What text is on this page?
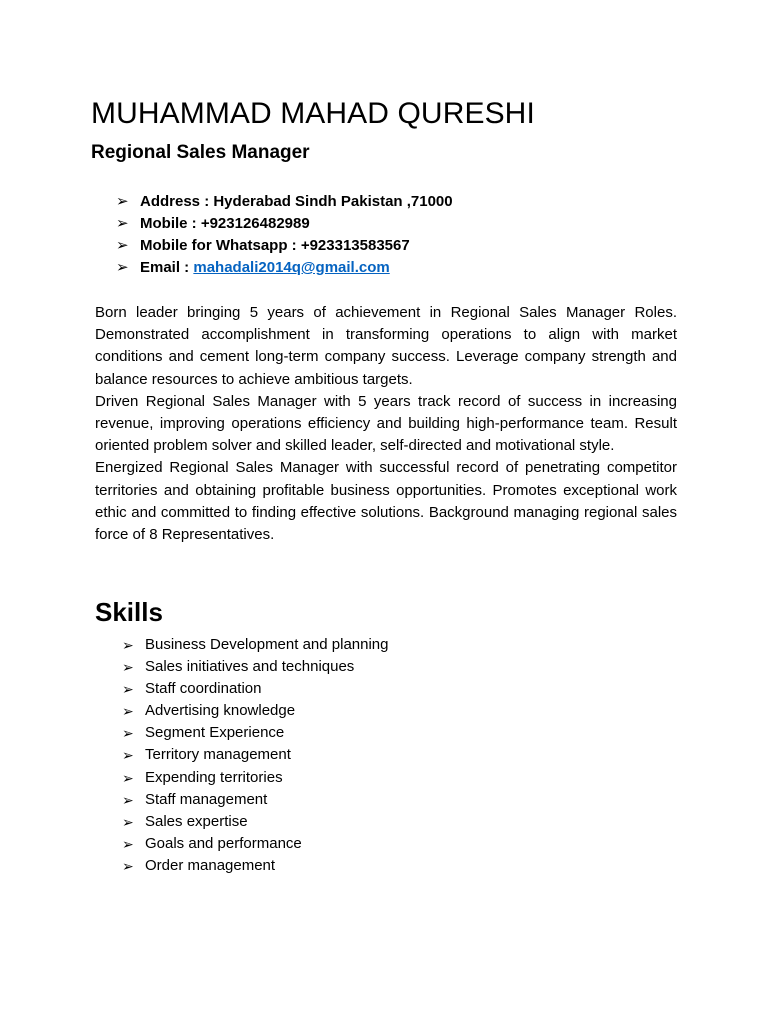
MUHAMMAD MAHAD QURESHI
Regional Sales Manager
➢ Address : Hyderabad Sindh Pakistan ,71000
➢ Mobile : +923126482989
➢ Mobile for Whatsapp : +923313583567
➢ Email : mahadali2014q@gmail.com

Born leader bringing 5 years of achievement in Regional Sales Manager Roles. Demonstrated accomplishment in transforming operations to align with market conditions and cement long-term company success. Leverage company strength and balance resources to achieve ambitious targets.

Driven Regional Sales Manager with 5 years track record of success in increasing revenue, improving operations efficiency and building high-performance team. Result oriented problem solver and skilled leader, self-directed and motivational style.

Energized Regional Sales Manager with successful record of penetrating competitor territories and obtaining profitable business opportunities. Promotes exceptional work ethic and committed to finding effective solutions. Background managing regional sales force of 8 Representatives.

Skills
➢ Business Development and planning
➢ Sales initiatives and techniques
➢ Staff coordination
➢ Advertising knowledge
➢ Segment Experience
➢ Territory management
➢ Expending territories
➢ Staff management
➢ Sales expertise
➢ Goals and performance
➢ Order management
